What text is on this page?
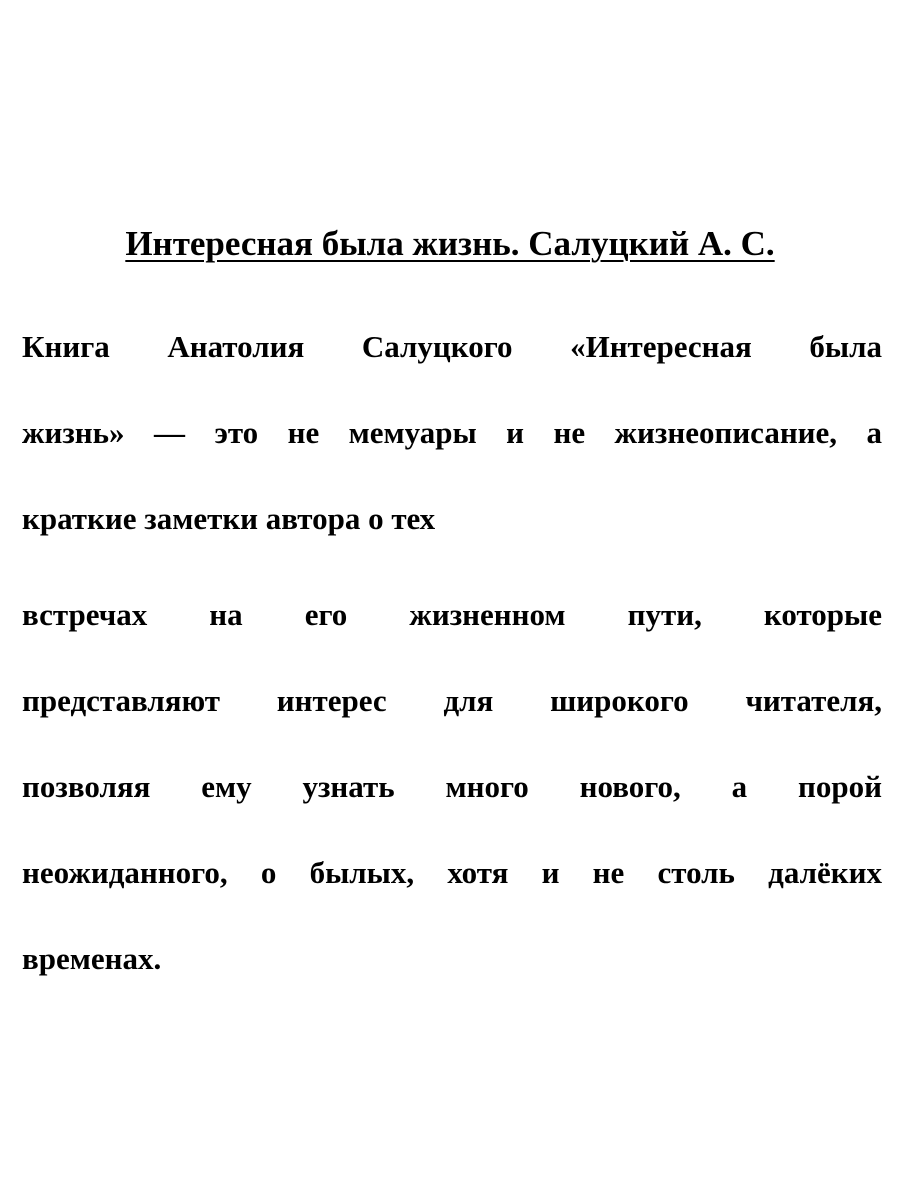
Интересная была жизнь. Салуцкий А. С.
Книга Анатолия Салуцкого «Интересная была
жизнь» — это не мемуары и не жизнеописание, а
краткие заметки автора о тех
встречах на его жизненном пути, которые
представляют интерес для широкого читателя,
позволяя ему узнать много нового, а порой
неожиданного, о былых, хотя и не столь далёких
временах.
